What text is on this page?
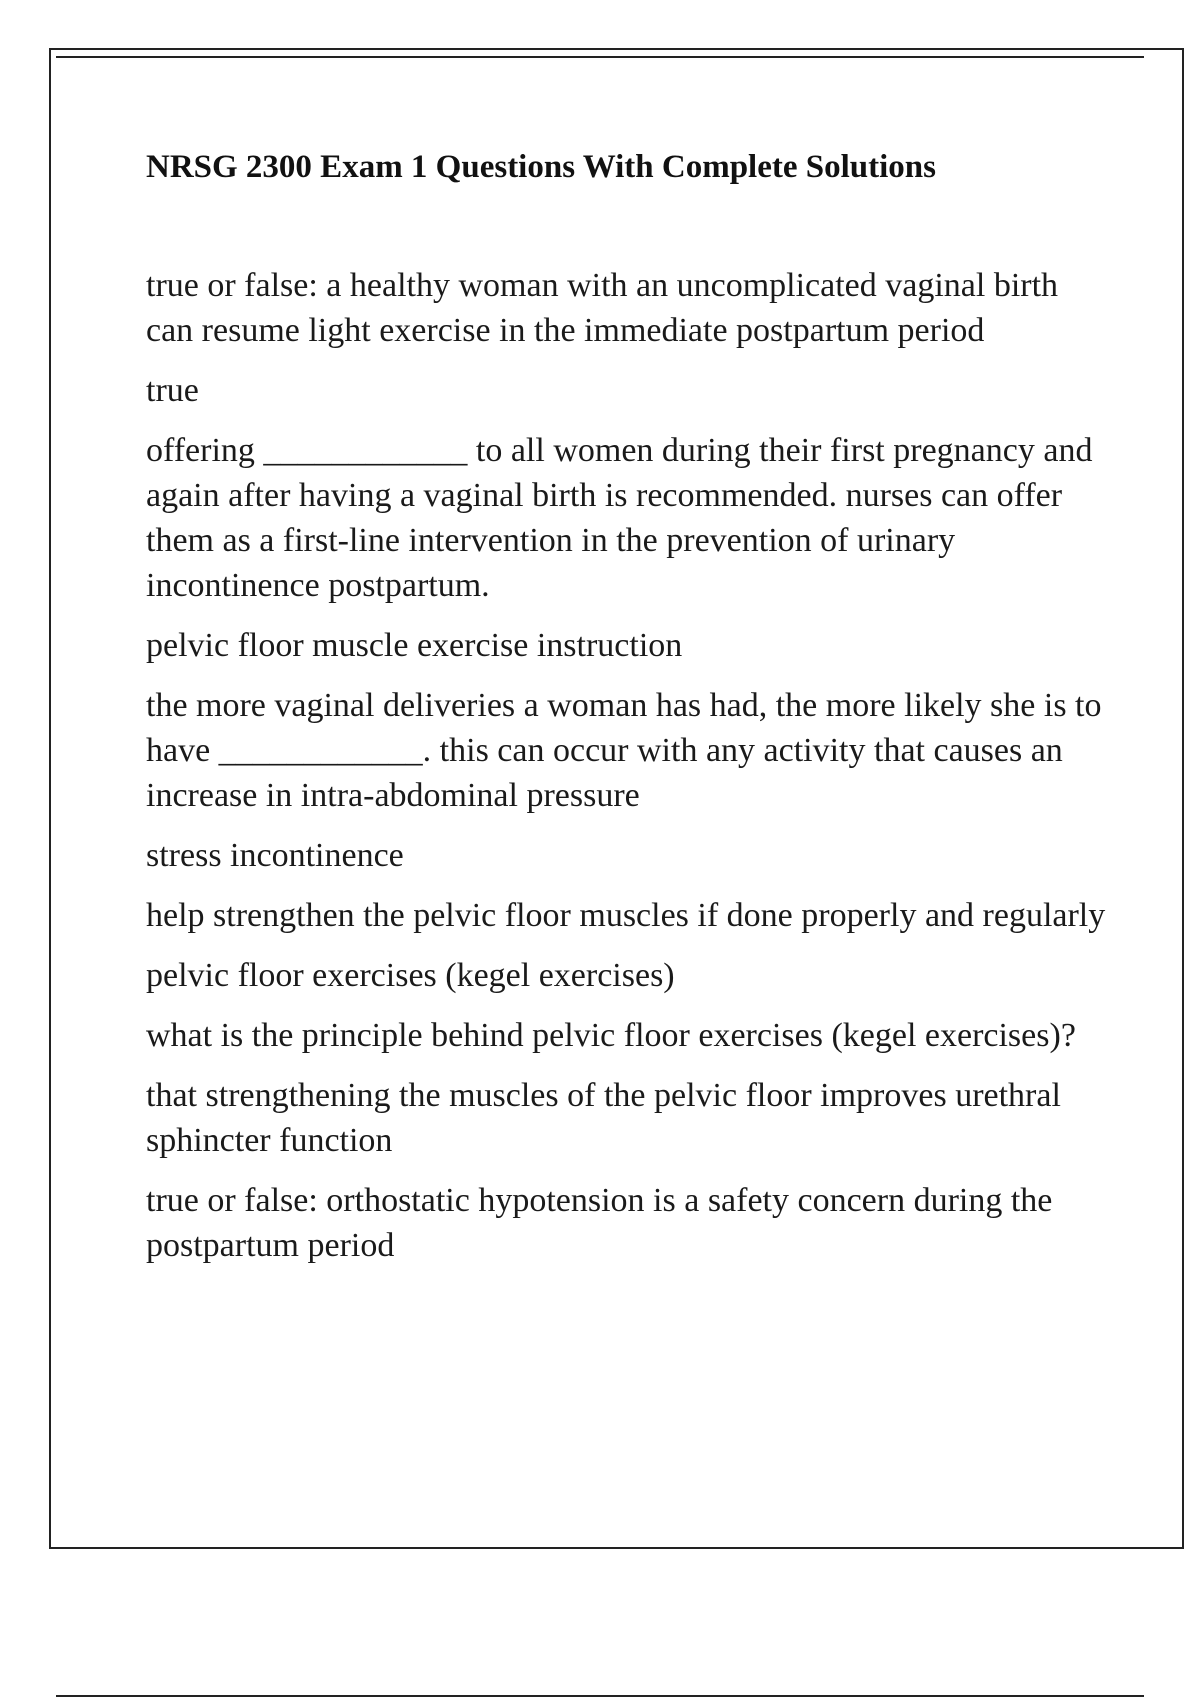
NRSG 2300 Exam 1 Questions With Complete Solutions

true or false: a healthy woman with an uncomplicated vaginal birth can resume light exercise in the immediate postpartum period

true

offering ____________ to all women during their first pregnancy and again after having a vaginal birth is recommended. nurses can offer them as a first-line intervention in the prevention of urinary incontinence postpartum.

pelvic floor muscle exercise instruction

the more vaginal deliveries a woman has had, the more likely she is to have ____________. this can occur with any activity that causes an increase in intra-abdominal pressure

stress incontinence

help strengthen the pelvic floor muscles if done properly and regularly

pelvic floor exercises (kegel exercises)

what is the principle behind pelvic floor exercises (kegel exercises)?

that strengthening the muscles of the pelvic floor improves urethral sphincter function

true or false: orthostatic hypotension is a safety concern during the postpartum period
